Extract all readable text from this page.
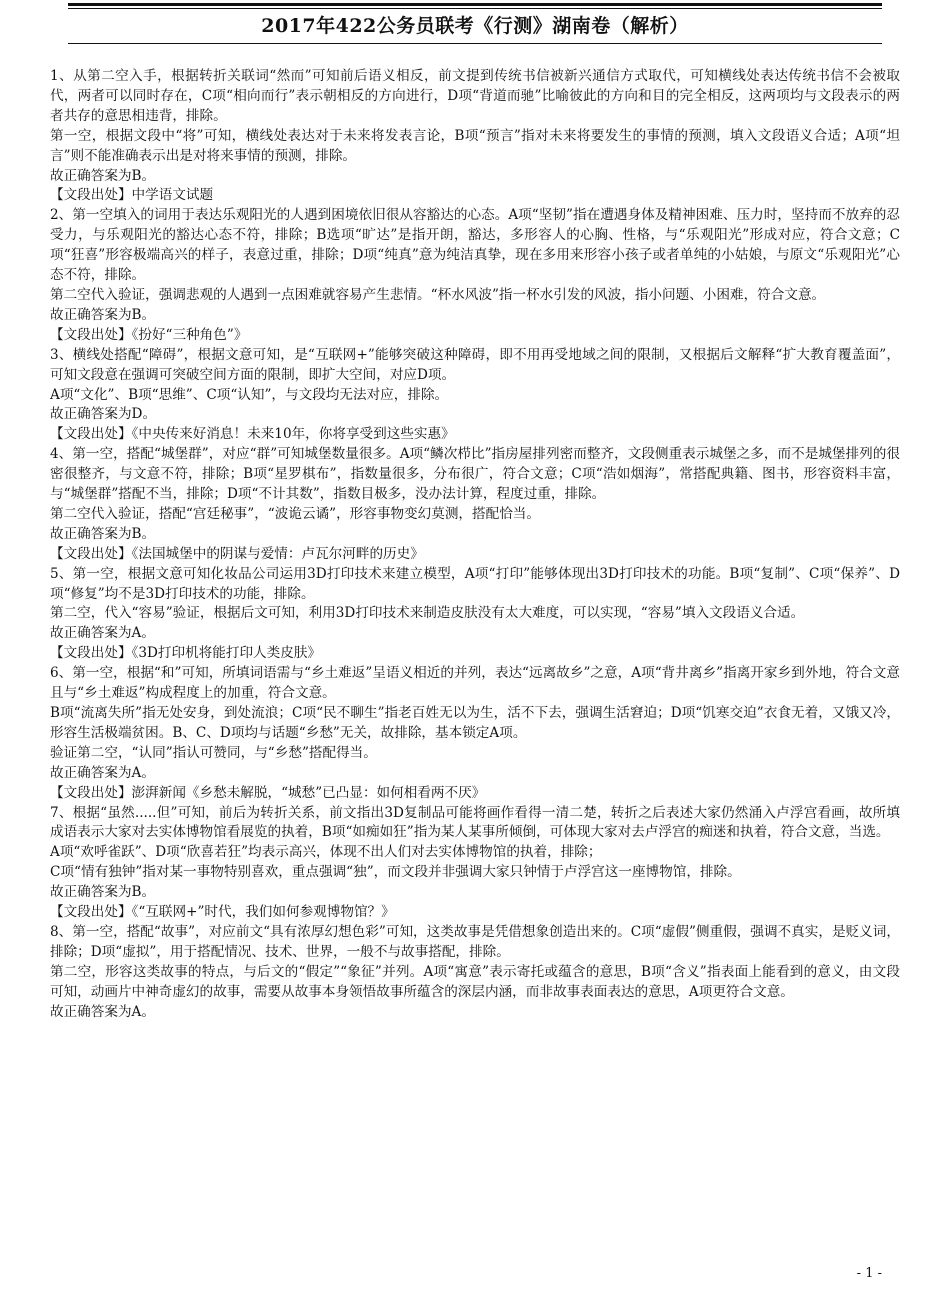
2017年422公务员联考《行测》湖南卷（解析）

1、从第二空入手，根据转折关联词“然而”可知前后语义相反，前文提到传统书信被新兴通信方式取代，可知横线处表达传统书信不会被取代，两者可以同时存在，C项“相向而行”表示朝相反的方向进行，D项“背道而驰”比喻彼此的方向和目的完全相反，这两项均与文段表示的两者共存的意思相违背，排除。

第一空，根据文段中“将”可知，横线处表达对于未来将发表言论，B项“预言”指对未来将要发生的事情的预测，填入文段语义合适；A项“坦言”则不能准确表示出是对将来事情的预测，排除。

故正确答案为B。

【文段出处】中学语文试题

2、第一空填入的词用于表达乐观阳光的人遇到困境依旧很从容豁达的心态。A项“坚韧”指在遭遇身体及精神困难、压力时，坚持而不放弃的忍受力，与乐观阳光的豁达心态不符，排除；B选项“旷达”是指开朗，豁达，多形容人的心胸、性格，与“乐观阳光”形成对应，符合文意；C项“狂喜”形容极端高兴的样子，表意过重，排除；D项“纯真”意为纯洁真挚，现在多用来形容小孩子或者单纯的小姑娘，与原文“乐观阳光”心态不符，排除。

第二空代入验证，强调悲观的人遇到一点困难就容易产生悲情。“杯水风波”指一杯水引发的风波，指小问题、小困难，符合文意。

故正确答案为B。

【文段出处】《扮好“三种角色”》

3、横线处搭配“障碍”，根据文意可知，是“互联网+”能够突破这种障碍，即不用再受地域之间的限制，又根据后文解释“扩大教育覆盖面”，可知文段意在强调可突破空间方面的限制，即扩大空间，对应D项。

A项“文化”、B项“思维”、C项“认知”，与文段均无法对应，排除。

故正确答案为D。

【文段出处】《中央传来好消息！未来10年，你将享受到这些实惠》

4、第一空，搭配“城堡群”，对应“群”可知城堡数量很多。A项“鳞次栉比”指房屋排列密而整齐，文段侧重表示城堡之多，而不是城堡排列的很密很整齐，与文意不符，排除；B项“星罗棋布”，指数量很多，分布很广，符合文意；C项“浩如烟海”，常搭配典籍、图书，形容资料丰富，与“城堡群”搭配不当，排除；D项“不计其数”，指数目极多，没办法计算，程度过重，排除。

第二空代入验证，搭配“宫廷秘事”，“波诡云谲”，形容事物变幻莫测，搭配恰当。

故正确答案为B。

【文段出处】《法国城堡中的阴谋与爱情：卢瓦尔河畔的历史》

5、第一空，根据文意可知化妆品公司运用3D打印技术来建立模型，A项“打印”能够体现出3D打印技术的功能。B项“复制”、C项“保养”、D项“修复”均不是3D打印技术的功能，排除。

第二空，代入“容易”验证，根据后文可知，利用3D打印技术来制造皮肤没有太大难度，可以实现，“容易”填入文段语义合适。

故正确答案为A。

【文段出处】《3D打印机将能打印人类皮肤》

6、第一空，根据“和”可知，所填词语需与“乡土难返”呈语义相近的并列，表达“远离故乡”之意，A项“背井离乡”指离开家乡到外地，符合文意且与“乡土难返”构成程度上的加重，符合文意。

B项“流离失所”指无处安身，到处流浪；C项“民不聊生”指老百姓无以为生，活不下去，强调生活窘迫；D项“饥寒交迫”衣食无着，又饿又冷，形容生活极端贫困。B、C、D项均与话题“乡愁”无关，故排除，基本锁定A项。

验证第二空，“认同”指认可赞同，与“乡愁”搭配得当。

故正确答案为A。

【文段出处】澎湃新闻《乡愁未解脱，“城愁”已凸显：如何相看两不厌》

7、根据“虽然.....但”可知，前后为转折关系，前文指出3D复制品可能将画作看得一清二楚，转折之后表述大家仍然涌入卢浮宫看画，故所填成语表示大家对去实体博物馆看展览的执着，B项“如痴如狂”指为某人某事所倾倒，可体现大家对去卢浮宫的痴迷和执着，符合文意，当选。

A项“欢呼雀跃”、D项“欣喜若狂”均表示高兴，体现不出人们对去实体博物馆的执着，排除；

C项“情有独钟”指对某一事物特别喜欢，重点强调“独”，而文段并非强调大家只钟情于卢浮宫这一座博物馆，排除。

故正确答案为B。

【文段出处】《“互联网+”时代，我们如何参观博物馆？》

8、第一空，搭配“故事”，对应前文“具有浓厚幻想色彩”可知，这类故事是凭借想象创造出来的。C项“虚假”侧重假，强调不真实，是贬义词，排除；D项“虚拟”，用于搭配情况、技术、世界，一般不与故事搭配，排除。

第二空，形容这类故事的特点，与后文的“假定”“象征”并列。A项“寓意”表示寄托或蕴含的意思，B项“含义”指表面上能看到的意义，由文段可知，动画片中神奇虚幻的故事，需要从故事本身领悟故事所蕴含的深层内涵，而非故事表面表达的意思，A项更符合文意。

故正确答案为A。

- 1 -
